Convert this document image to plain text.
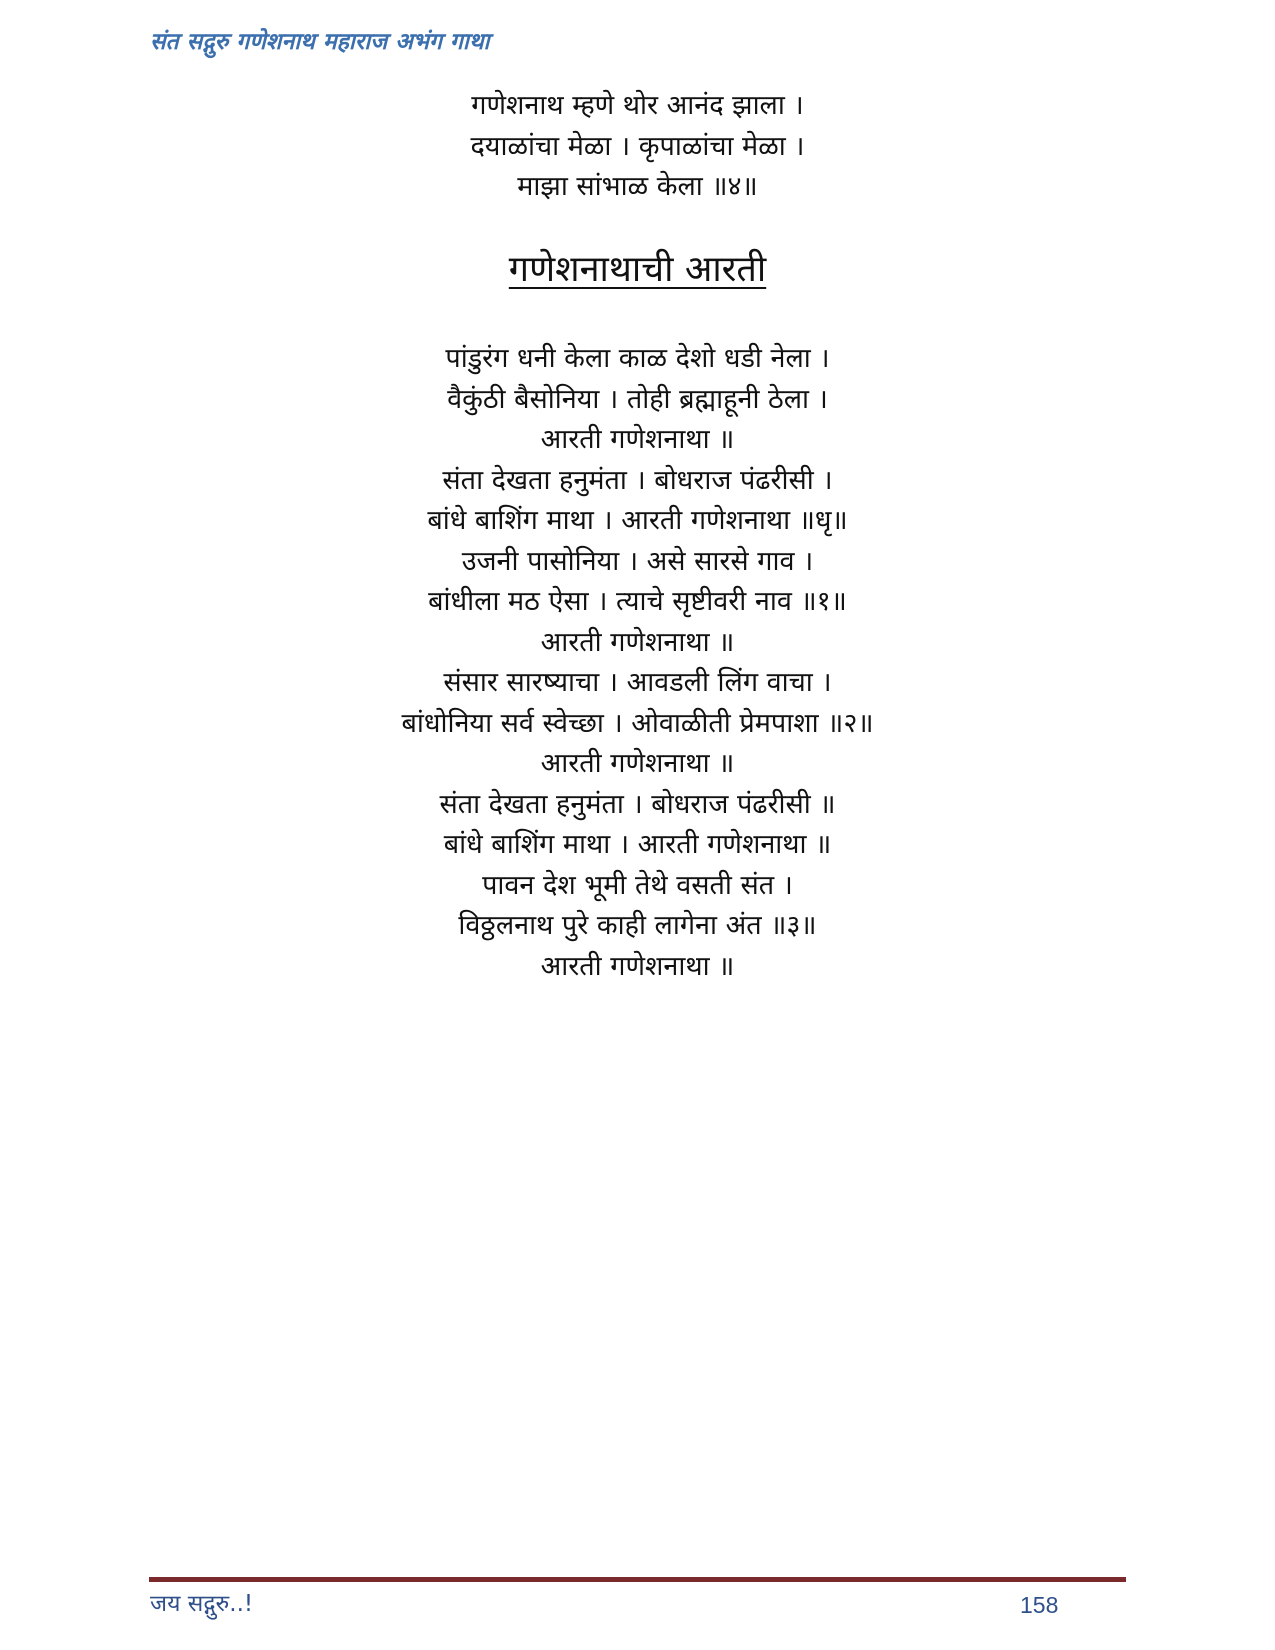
संत सद्गुरु गणेशनाथ महाराज अभंग गाथा
गणेशनाथ म्हणे थोर आनंद झाला ।
दयाळांचा मेळा । कृपाळांचा मेळा ।
माझा सांभाळ केला ॥४॥
गणेशनाथाची आरती
पांडुरंग धनी केला काळ देशो धडी नेला ।
वैकुंठी बैसोनिया । तोही ब्रह्माहूनी ठेला ।
आरती गणेशनाथा ॥
संता देखता हनुमंता । बोधराज पंढरीसी ।
बांधे बाशिंग माथा । आरती गणेशनाथा ॥धृ॥
उजनी पासोनिया । असे सारसे गाव ।
बांधीला मठ ऐसा । त्याचे सृष्टीवरी नाव ॥१॥
आरती गणेशनाथा ॥
संसार सारष्याचा । आवडली लिंग वाचा ।
बांधोनिया सर्व स्वेच्छा । ओवाळीती प्रेमपाशा ॥२॥
आरती गणेशनाथा ॥
संता देखता हनुमंता । बोधराज पंढरीसी ॥
बांधे बाशिंग माथा । आरती गणेशनाथा ॥
पावन देश भूमी तेथे वसती संत ।
विठ्ठलनाथ पुरे काही लागेना अंत ॥३॥
आरती गणेशनाथा ॥
जय सद्गुरु..!	158
